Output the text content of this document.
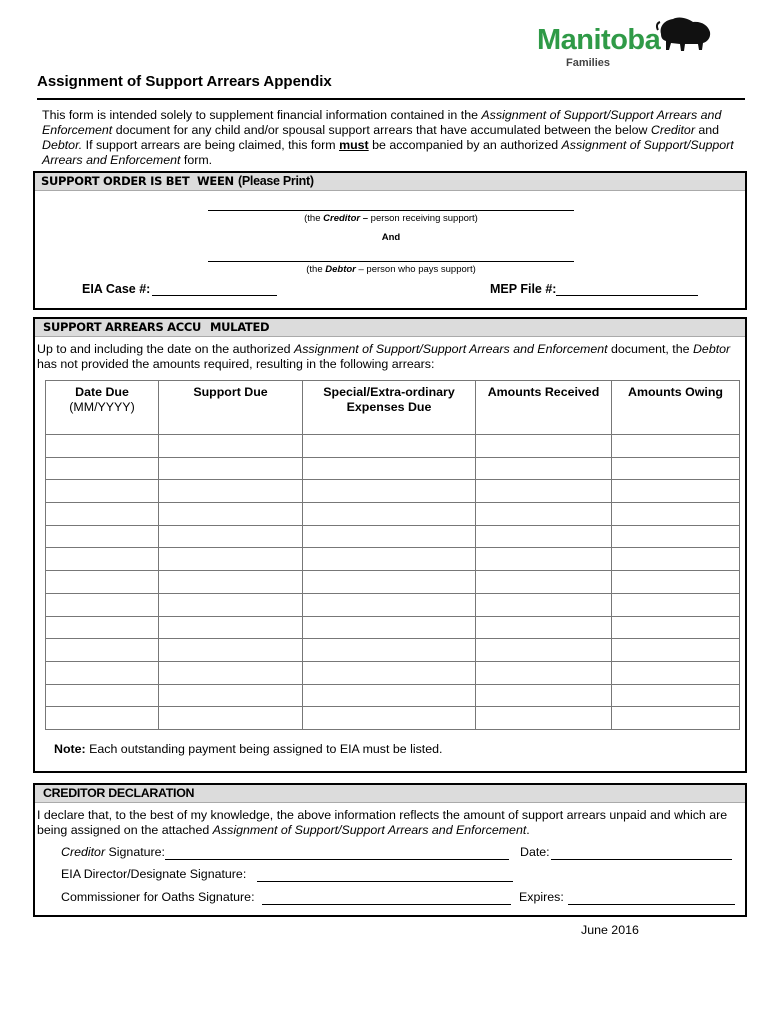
Manitoba
Families
Assignment of Support Arrears Appendix
This form is intended solely to supplement financial information contained in the Assignment of Support/Support Arrears and Enforcement document for any child and/or spousal support arrears that have accumulated between the below Creditor and Debtor. If support arrears are being claimed, this form must be accompanied by an authorized Assignment of Support/Support Arrears and Enforcement form.
SUPPORT ORDER IS BET WEEN (Please Print)
(the Creditor – person receiving support)
And
(the Debtor – person who pays support)
EIA Case #:	MEP File #:
SUPPORT ARREARS ACCU MULATED
Up to and including the date on the authorized Assignment of Support/Support Arrears and Enforcement document, the Debtor has not provided the amounts required, resulting in the following arrears:
Note: Each outstanding payment being assigned to EIA must be listed.
Date Due
(MM/YYYY)	Support Due	Special/Extra-ordinary Expenses Due	Amounts Received	Amounts Owing

CREDITOR DECLARATION
I declare that, to the best of my knowledge, the above information reflects the amount of support arrears unpaid and which are being assigned on the attached Assignment of Support/Support Arrears and Enforcement.
Creditor Signature:	Date:
EIA Director/Designate Signature:
Commissioner for Oaths Signature:	Expires:
June 2016
